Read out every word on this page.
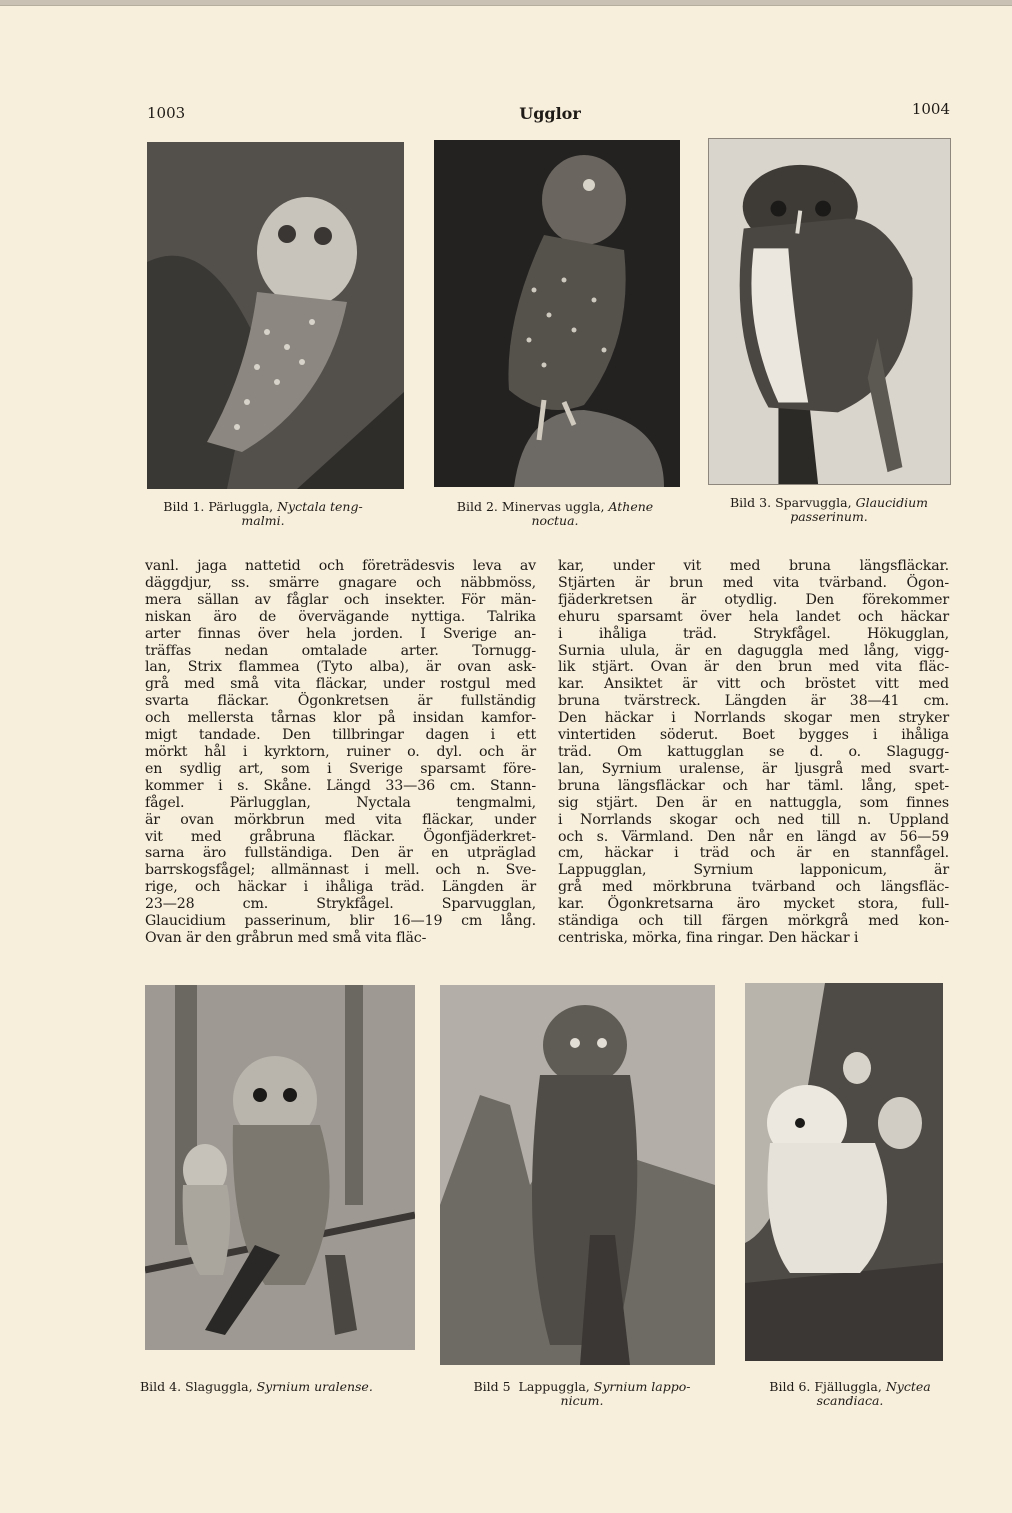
1003	Ugglor	1004
Bild 1. Pärluggla, Nyctala teng-
malmi.
Bild 2. Minervas uggla, Athene
noctua.
Bild 3. Sparvuggla, Glaucidium
passerinum.
vanl. jaga nattetid och företrädesvis leva av
däggdjur, ss. smärre gnagare och näbbmöss,
mera sällan av fåglar och insekter. För män-
niskan äro de övervägande nyttiga. Talrika
arter finnas över hela jorden. I Sverige an-
träffas nedan omtalade arter. Tornugg-
lan, Strix flammea (Tyto alba), är ovan ask-
grå med små vita fläckar, under rostgul med
svarta fläckar. Ögonkretsen är fullständig
och mellersta tårnas klor på insidan kamfor-
migt tandade. Den tillbringar dagen i ett
mörkt hål i kyrktorn, ruiner o. dyl. och är
en sydlig art, som i Sverige sparsamt före-
kommer i s. Skåne. Längd 33—36 cm. Stann-
fågel. Pärlugglan, Nyctala tengmalmi,
är ovan mörkbrun med vita fläckar, under
vit med gråbruna fläckar. Ögonfjäderkret-
sarna äro fullständiga. Den är en utpräglad
barrskogsfågel; allmännast i mell. och n. Sve-
rige, och häckar i ihåliga träd. Längden är
23—28 cm. Strykfågel. Sparvugglan,
Glaucidium passerinum, blir 16—19 cm lång.
Ovan är den gråbrun med små vita fläc-
kar, under vit med bruna längsfläckar.
Stjärten är brun med vita tvärband. Ögon-
fjäderkretsen är otydlig. Den förekommer
ehuru sparsamt över hela landet och häckar
i ihåliga träd. Strykfågel. Hökugglan,
Surnia ulula, är en daguggla med lång, vigg-
lik stjärt. Ovan är den brun med vita fläc-
kar. Ansiktet är vitt och bröstet vitt med
bruna tvärstreck. Längden är 38—41 cm.
Den häckar i Norrlands skogar men stryker
vintertiden söderut. Boet bygges i ihåliga
träd. Om kattugglan se d. o. Slagugg-
lan, Syrnium uralense, är ljusgrå med svart-
bruna längsfläckar och har täml. lång, spet-
sig stjärt. Den är en nattuggla, som finnes
i Norrlands skogar och ned till n. Uppland
och s. Värmland. Den når en längd av 56—59
cm, häckar i träd och är en stannfågel.
Lappugglan, Syrnium lapponicum, är
grå med mörkbruna tvärband och längsfläc-
kar. Ögonkretsarna äro mycket stora, full-
ständiga och till färgen mörkgrå med kon-
centriska, mörka, fina ringar. Den häckar i
Bild 4. Slaguggla, Syrnium uralense.	Bild 5 Lappuggla, Syrnium lappo-
nicum.
Bild 6. Fjälluggla, Nyctea
scandiaca.
